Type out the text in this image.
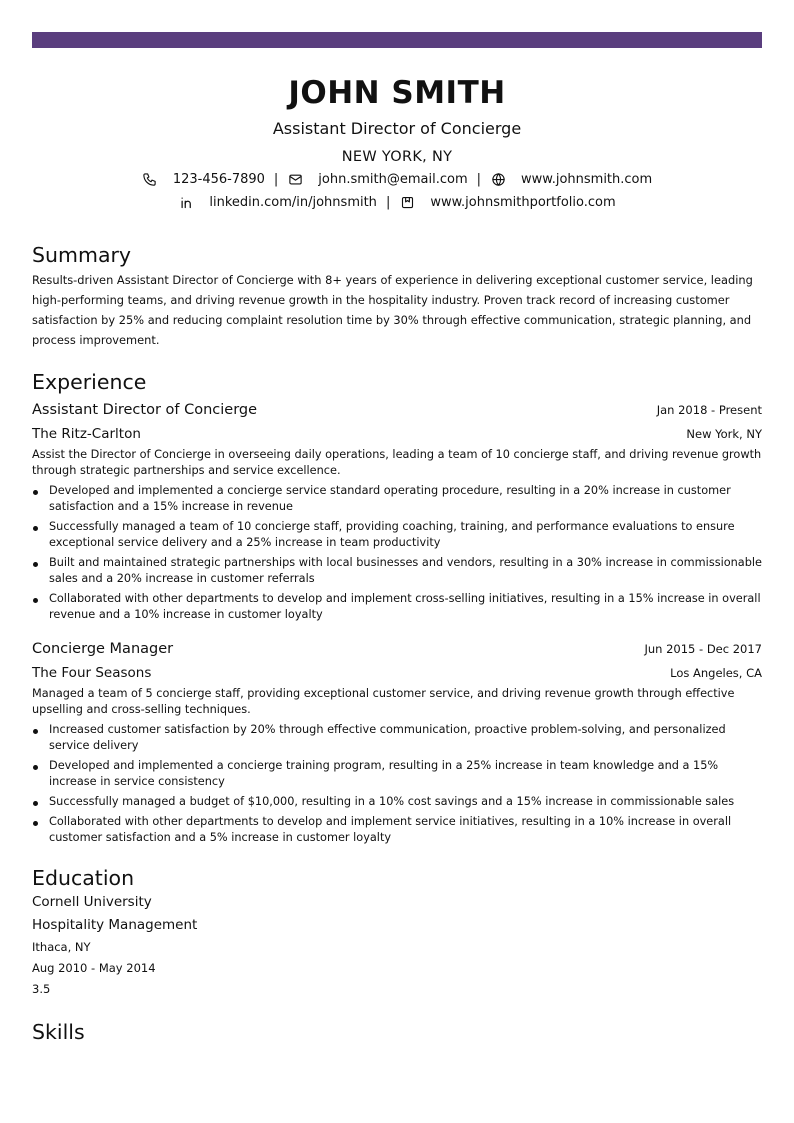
JOHN SMITH
Assistant Director of Concierge
NEW YORK, NY
123-456-7890 |	john.smith@email.com |	www.johnsmith.com
linkedin.com/in/johnsmith |	www.johnsmithportfolio.com
Summary
Results-driven Assistant Director of Concierge with 8+ years of experience in delivering exceptional customer service, leading high-performing teams, and driving revenue growth in the hospitality industry. Proven track record of increasing customer satisfaction by 25% and reducing complaint resolution time by 30% through effective communication, strategic planning, and process improvement.
Experience
Assistant Director of Concierge	Jan 2018 - Present
The Ritz-Carlton	New York, NY
Assist the Director of Concierge in overseeing daily operations, leading a team of 10 concierge staff, and driving revenue growth through strategic partnerships and service excellence.
Developed and implemented a concierge service standard operating procedure, resulting in a 20% increase in customer satisfaction and a 15% increase in revenue
Successfully managed a team of 10 concierge staff, providing coaching, training, and performance evaluations to ensure exceptional service delivery and a 25% increase in team productivity
Built and maintained strategic partnerships with local businesses and vendors, resulting in a 30% increase in commissionable sales and a 20% increase in customer referrals
Collaborated with other departments to develop and implement cross-selling initiatives, resulting in a 15% increase in overall revenue and a 10% increase in customer loyalty
Concierge Manager	Jun 2015 - Dec 2017
The Four Seasons	Los Angeles, CA
Managed a team of 5 concierge staff, providing exceptional customer service, and driving revenue growth through effective upselling and cross-selling techniques.
Increased customer satisfaction by 20% through effective communication, proactive problem-solving, and personalized service delivery
Developed and implemented a concierge training program, resulting in a 25% increase in team knowledge and a 15% increase in service consistency
Successfully managed a budget of $10,000, resulting in a 10% cost savings and a 15% increase in commissionable sales
Collaborated with other departments to develop and implement service initiatives, resulting in a 10% increase in overall customer satisfaction and a 5% increase in customer loyalty
Education
Cornell University
Hospitality Management
Ithaca, NY
Aug 2010 - May 2014
3.5
Skills
